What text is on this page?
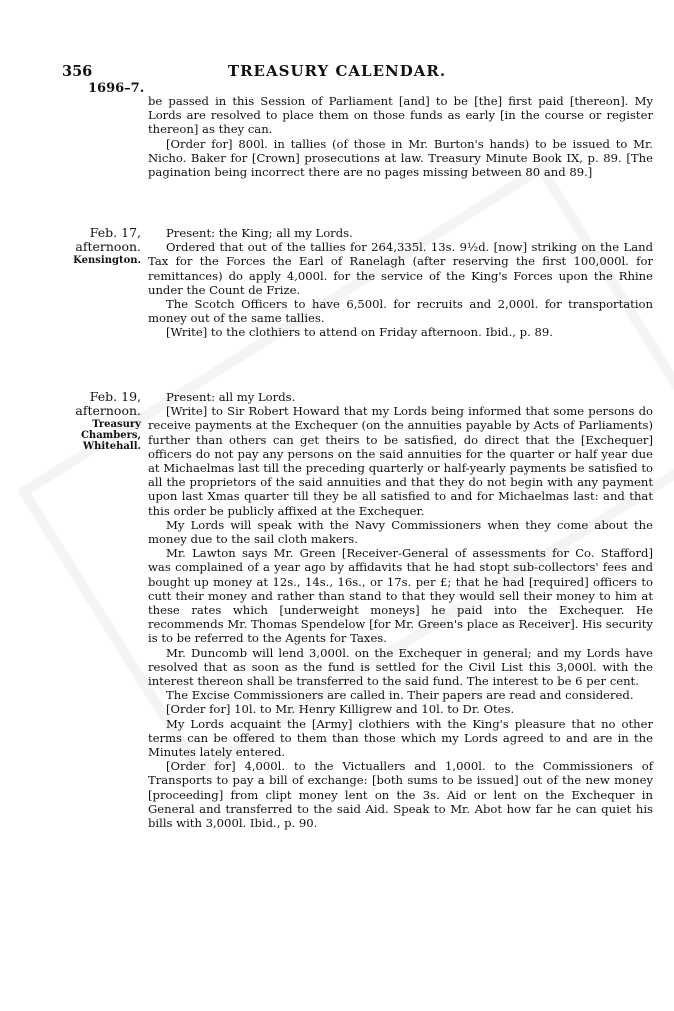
356	TREASURY CALENDAR.
1696–7.

be passed in this Session of Parliament [and] to be [the] first paid [thereon]. My Lords are resolved to place them on those funds as early [in the course or register thereon] as they can.

[Order for] 800l. in tallies (of those in Mr. Burton's hands) to be issued to Mr. Nicho. Baker for [Crown] prosecutions at law. Treasury Minute Book IX, p. 89. [The pagination being incorrect there are no pages missing between 80 and 89.]

Feb. 17,
afternoon.
Kensington.

Present: the King; all my Lords.

Ordered that out of the tallies for 264,335l. 13s. 9½d. [now] striking on the Land Tax for the Forces the Earl of Ranelagh (after reserving the first 100,000l. for remittances) do apply 4,000l. for the service of the King's Forces upon the Rhine under the Count de Frize.

The Scotch Officers to have 6,500l. for recruits and 2,000l. for transportation money out of the same tallies.

[Write] to the clothiers to attend on Friday afternoon. Ibid., p. 89.

Feb. 19,
afternoon.
Treasury Chambers, Whitehall.

Present: all my Lords.

[Write] to Sir Robert Howard that my Lords being informed that some persons do receive payments at the Exchequer (on the annuities payable by Acts of Parliaments) further than others can get theirs to be satisfied, do direct that the [Exchequer] officers do not pay any persons on the said annuities for the quarter or half year due at Michaelmas last till the preceding quarterly or half-yearly payments be satisfied to all the proprietors of the said annuities and that they do not begin with any payment upon last Xmas quarter till they be all satisfied to and for Michaelmas last: and that this order be publicly affixed at the Exchequer.

My Lords will speak with the Navy Commissioners when they come about the money due to the sail cloth makers.

Mr. Lawton says Mr. Green [Receiver-General of assessments for Co. Stafford] was complained of a year ago by affidavits that he had stopt sub-collectors' fees and bought up money at 12s., 14s., 16s., or 17s. per £; that he had [required] officers to cutt their money and rather than stand to that they would sell their money to him at these rates which [underweight moneys] he paid into the Exchequer. He recommends Mr. Thomas Spendelow [for Mr. Green's place as Receiver]. His security is to be referred to the Agents for Taxes.

Mr. Duncomb will lend 3,000l. on the Exchequer in general; and my Lords have resolved that as soon as the fund is settled for the Civil List this 3,000l. with the interest thereon shall be transferred to the said fund. The interest to be 6 per cent.

The Excise Commissioners are called in. Their papers are read and considered.

[Order for] 10l. to Mr. Henry Killigrew and 10l. to Dr. Otes.

My Lords acquaint the [Army] clothiers with the King's pleasure that no other terms can be offered to them than those which my Lords agreed to and are in the Minutes lately entered.

[Order for] 4,000l. to the Victuallers and 1,000l. to the Commissioners of Transports to pay a bill of exchange: [both sums to be issued] out of the new money [proceeding] from clipt money lent on the 3s. Aid or lent on the Exchequer in General and transferred to the said Aid. Speak to Mr. Abot how far he can quiet his bills with 3,000l. Ibid., p. 90.
